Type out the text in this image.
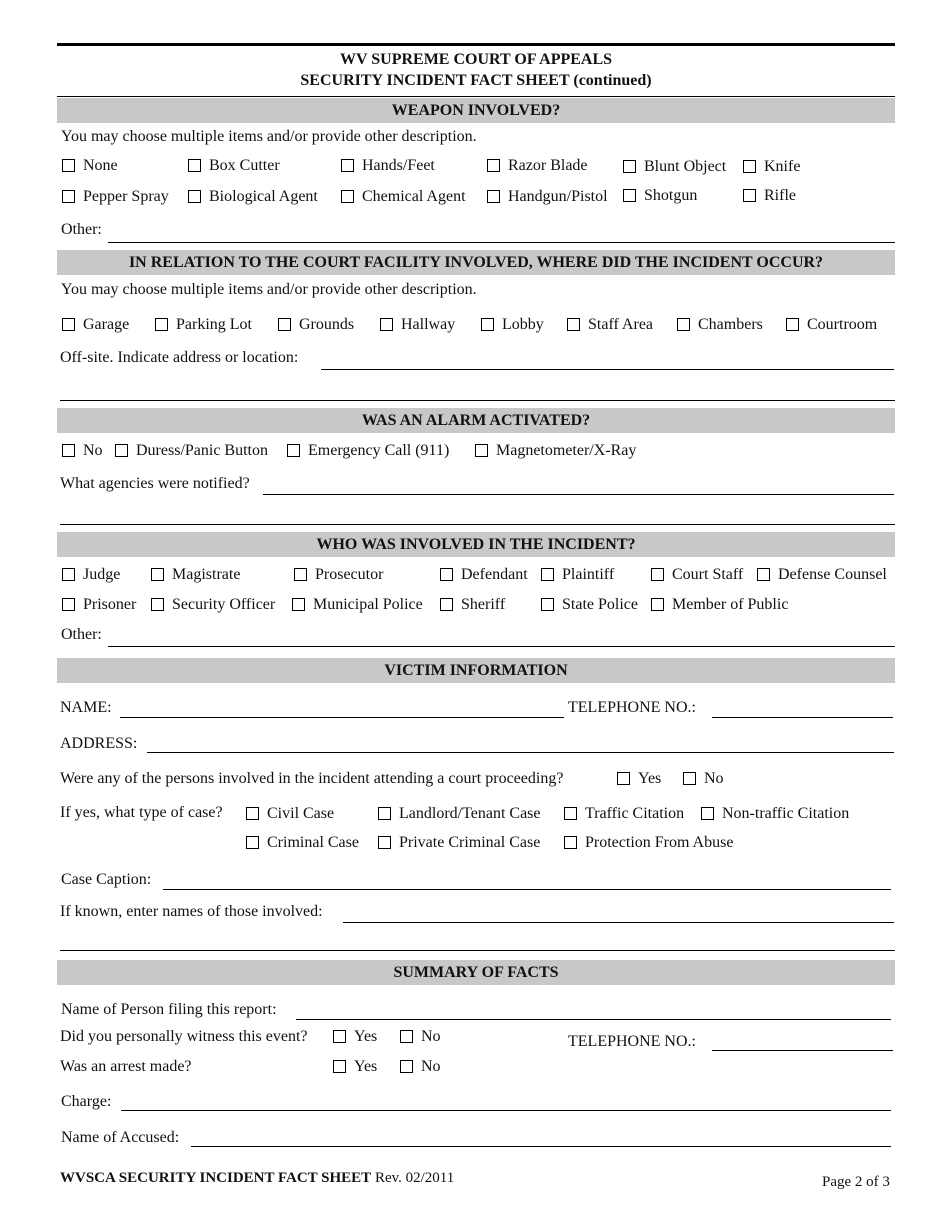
WV SUPREME COURT OF APPEALS
SECURITY INCIDENT FACT SHEET (continued)
WEAPON INVOLVED?
You may choose multiple items and/or provide other description.
None	Box Cutter	Hands/Feet	Razor Blade	Blunt Object	Knife
Pepper Spray	Biological Agent	Chemical Agent	Handgun/Pistol	Shotgun	Rifle
Other:
IN RELATION TO THE COURT FACILITY INVOLVED, WHERE DID THE INCIDENT OCCUR?
You may choose multiple items and/or provide other description.
Garage	Parking Lot	Grounds	Hallway	Lobby	Staff Area	Chambers	Courtroom
Off-site. Indicate address or location:
WAS AN ALARM ACTIVATED?
No	Duress/Panic Button	Emergency Call (911)	Magnetometer/X-Ray
What agencies were notified?
WHO WAS INVOLVED IN THE INCIDENT?
Judge	Magistrate	Prosecutor	Defendant	Plaintiff	Court Staff	Defense Counsel
Prisoner	Security Officer	Municipal Police	Sheriff	State Police	Member of Public
Other:
VICTIM INFORMATION
NAME:	TELEPHONE NO.:
ADDRESS:
Were any of the persons involved in the incident attending a court proceeding?	Yes	No
If yes, what type of case?	Civil Case	Landlord/Tenant Case	Traffic Citation	Non-traffic Citation
Criminal Case	Private Criminal Case	Protection From Abuse
Case Caption:
If known, enter names of those involved:
SUMMARY OF FACTS
Name of Person filing this report:
Did you personally witness this event?	Yes	No	TELEPHONE NO.:
Was an arrest made?	Yes	No
Charge:
Name of Accused:
WVSCA SECURITY INCIDENT FACT SHEET Rev. 02/2011	Page 2 of 3
